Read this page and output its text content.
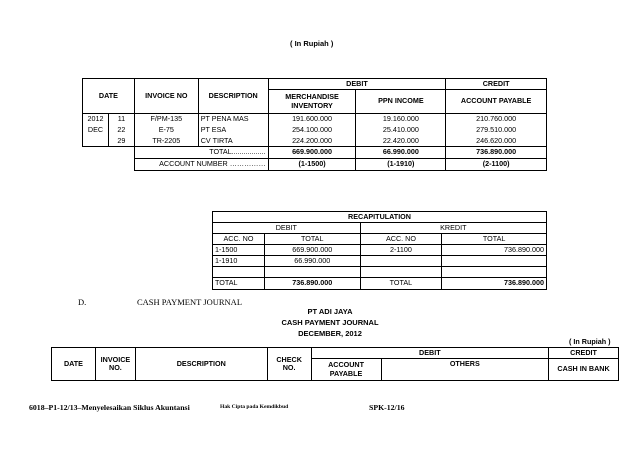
( In Rupiah )
DATE		INVOICE NO	DESCRIPTION	DEBIT		CREDIT
				MERCHANDISE INVENTORY	PPN INCOME	ACCOUNT PAYABLE
2012	11	F/PM-135	PT PENA MAS	191.600.000	19.160.000	210.760.000
DEC	22	E-75	PT ESA	254.100.000	25.410.000	279.510.000
	29	TR-2205	CV TIRTA	224.200.000	22.420.000	246.620.000
		TOTAL.................		669.900.000	66.990.000	736.890.000
		ACCOUNT NUMBER ……………		(1-1500)	(1-1910)	(2-1100)
RECAPITULATION			
DEBIT		KREDIT	
ACC. NO	TOTAL	ACC. NO	TOTAL
1-1500	669.900.000	2-1100	736.890.000
1-1910	66.990.000		

TOTAL	736.890.000	TOTAL	736.890.000
D.	CASH PAYMENT JOURNAL
PT ADI JAYA
CASH PAYMENT JOURNAL
DECEMBER, 2012
( In Rupiah )
DATE	INVOICE NO.	DESCRIPTION	CHECK NO.	DEBIT		CREDIT
				ACCOUNT PAYABLE	OTHERS	CASH IN BANK
6018–P1-12/13–Menyelesaikan Siklus Akuntansi	Hak Cipta pada Kemdikbud	SPK-12/16
